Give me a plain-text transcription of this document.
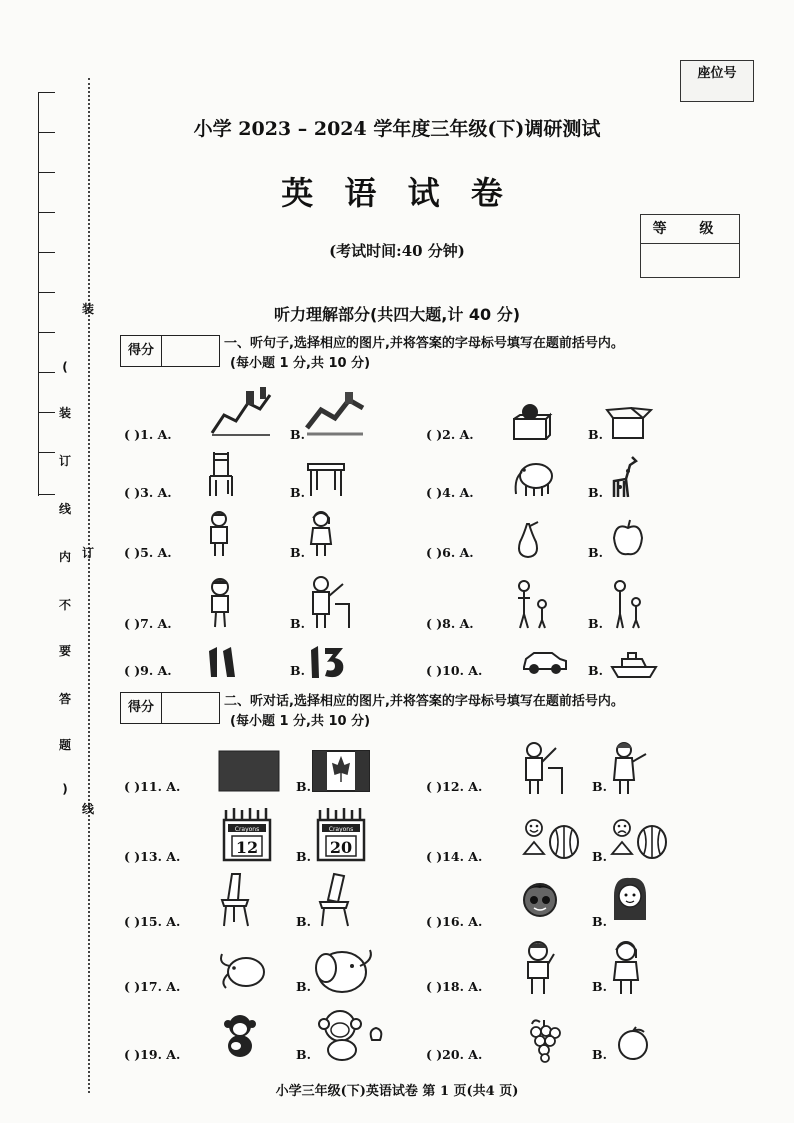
(
装
订
线
内
不
要
答
题
)
装
订
线
座位号
小学 2023 – 2024 学年度三年级(下)调研测试
英 语 试 卷
(考试时间:40 分钟)
等 级
听力理解部分(共四大题,计 40 分)
得分	一、听句子,选择相应的图片,并将答案的字母标号填写在题前括号内。
(每小题 1 分,共 10 分)
得分	二、听对话,选择相应的图片,并将答案的字母标号填写在题前括号内。
(每小题 1 分,共 10 分)
( )1. A.	B.
( )3. A.	B.
( )5. A.	B.
( )7. A.	B.
( )9. A.	B.
( )11. A.	B.
( )13. A.	B.
( )15. A.	B.
( )17. A.	B.
( )19. A.	B.
( )2. A.	B.
( )4. A.	B.
( )6. A.	B.
( )8. A.	B.
( )10. A.	B.
( )12. A.	B.
( )14. A.	B.
( )16. A.	B.
( )18. A.	B.
( )20. A.	B.
Crayons
12
Crayons
20
小学三年级(下)英语试卷 第 1 页(共4 页)
